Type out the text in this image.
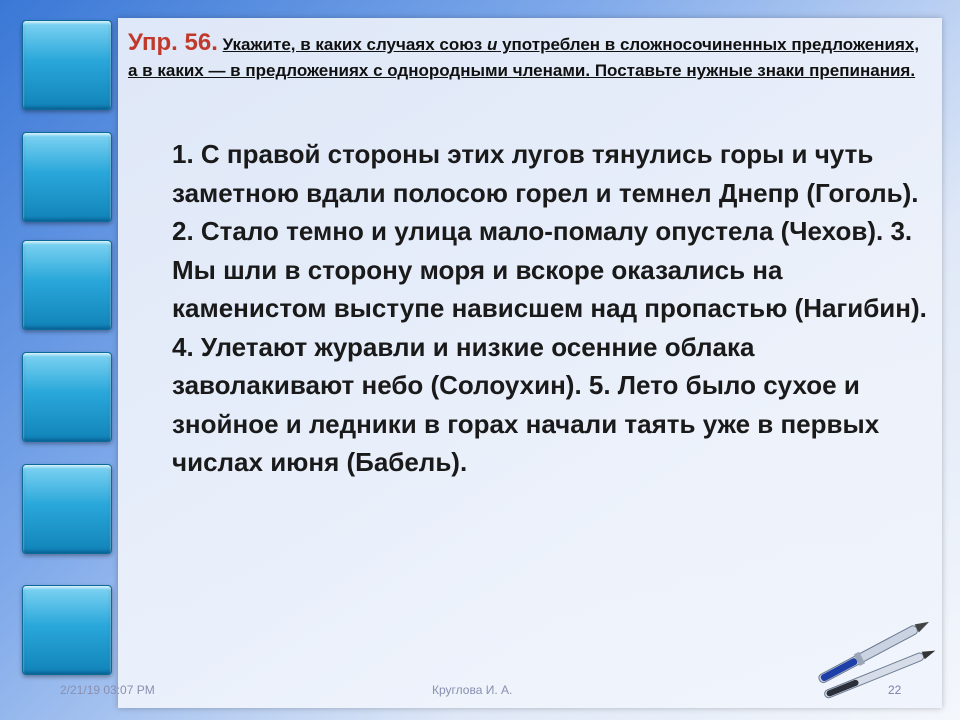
Упр. 56. Укажите, в каких случаях союз и употреблен в сложносочиненных предложениях, а в каких — в предложениях с однородными членами. Поставьте нужные знаки препинания.
1. С правой стороны этих лугов тянулись горы и чуть заметною вдали полосою горел и темнел Днепр (Гоголь). 2. Стало темно и улица мало-помалу опустела (Чехов). 3. Мы шли в сторону моря и вскоре оказались на каменистом выступе нависшем над пропастью (Нагибин). 4. Улетают журавли и низкие осенние облака заволакивают небо (Солоухин). 5. Лето было сухое и знойное и ледники в горах начали таять уже в первых числах июня (Бабель).
2/21/19 03:07 PM	Круглова И. А.	22
